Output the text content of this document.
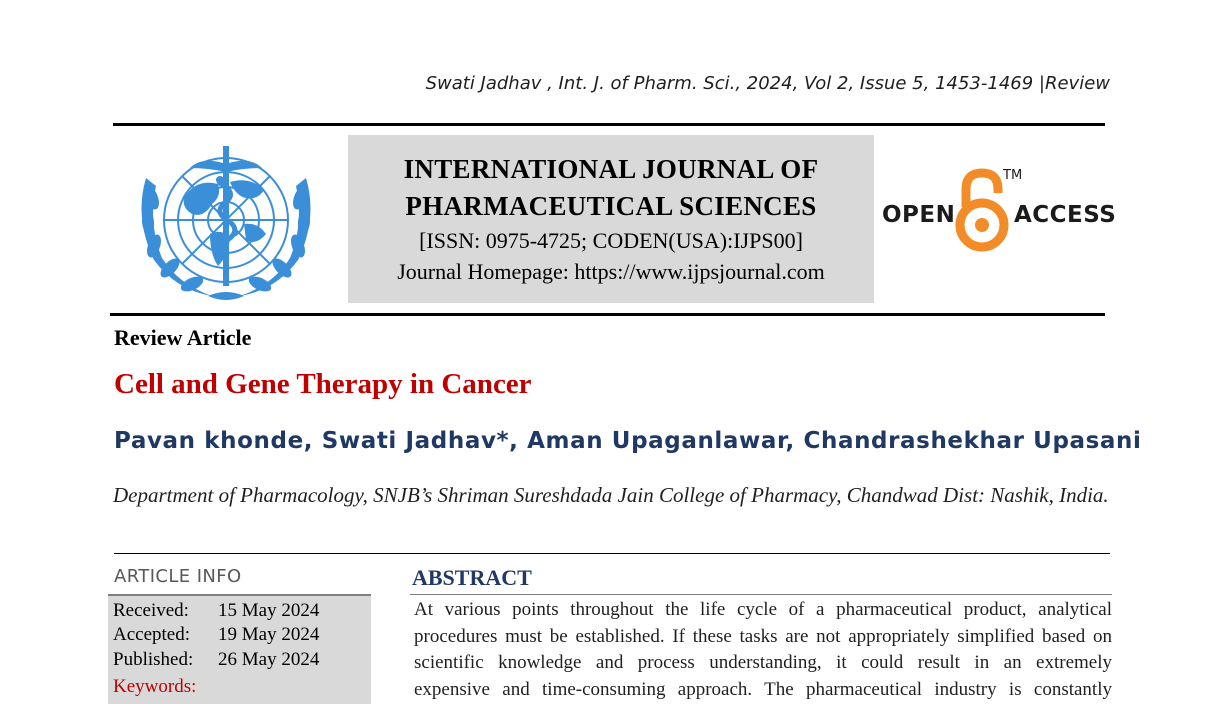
Swati Jadhav , Int. J. of Pharm. Sci., 2024, Vol 2, Issue 5, 1453-1469 |Review
INTERNATIONAL JOURNAL OF
PHARMACEUTICAL SCIENCES
[ISSN: 0975-4725; CODEN(USA):IJPS00]
Journal Homepage: https://www.ijpsjournal.com
OPEN
TM
ACCESS
Review Article
Cell and Gene Therapy in Cancer
Pavan khonde, Swati Jadhav*, Aman Upaganlawar, Chandrashekhar Upasani
Department of Pharmacology, SNJB’s Shriman Sureshdada Jain College of Pharmacy, Chandwad Dist: Nashik, India.
ARTICLE INFO
Received: 15 May 2024
Accepted: 19 May 2024
Published: 26 May 2024
Keywords:
ABSTRACT
At various points throughout the life cycle of a pharmaceutical product, analytical
procedures must be established. If these tasks are not appropriately simplified based on
scientific knowledge and process understanding, it could result in an extremely
expensive and time-consuming approach. The pharmaceutical industry is constantly
